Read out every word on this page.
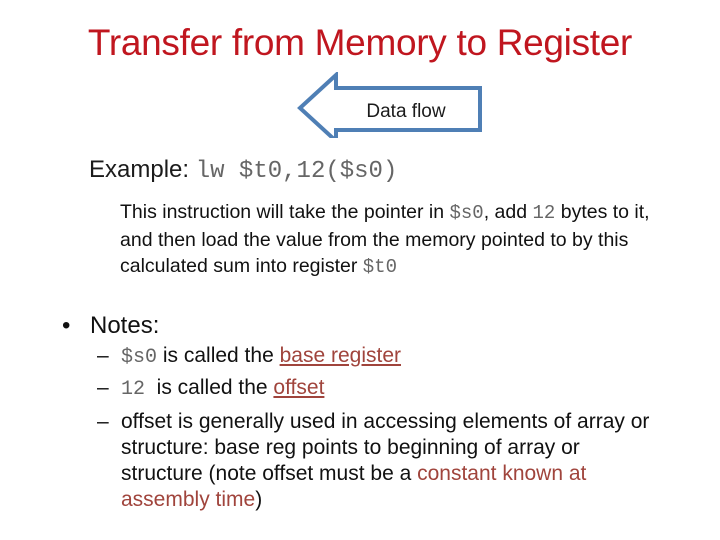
Transfer from Memory to Register
Data flow
Example: lw $t0,12($s0)
This instruction will take the pointer in $s0, add 12 bytes to it, and then load the value from the memory pointed to by this calculated sum into register $t0
• Notes:
– $s0 is called the base register
– 12  is called the offset
– offset is generally used in accessing elements of array or structure: base reg points to beginning of array or structure (note offset must be a constant known at assembly time)
